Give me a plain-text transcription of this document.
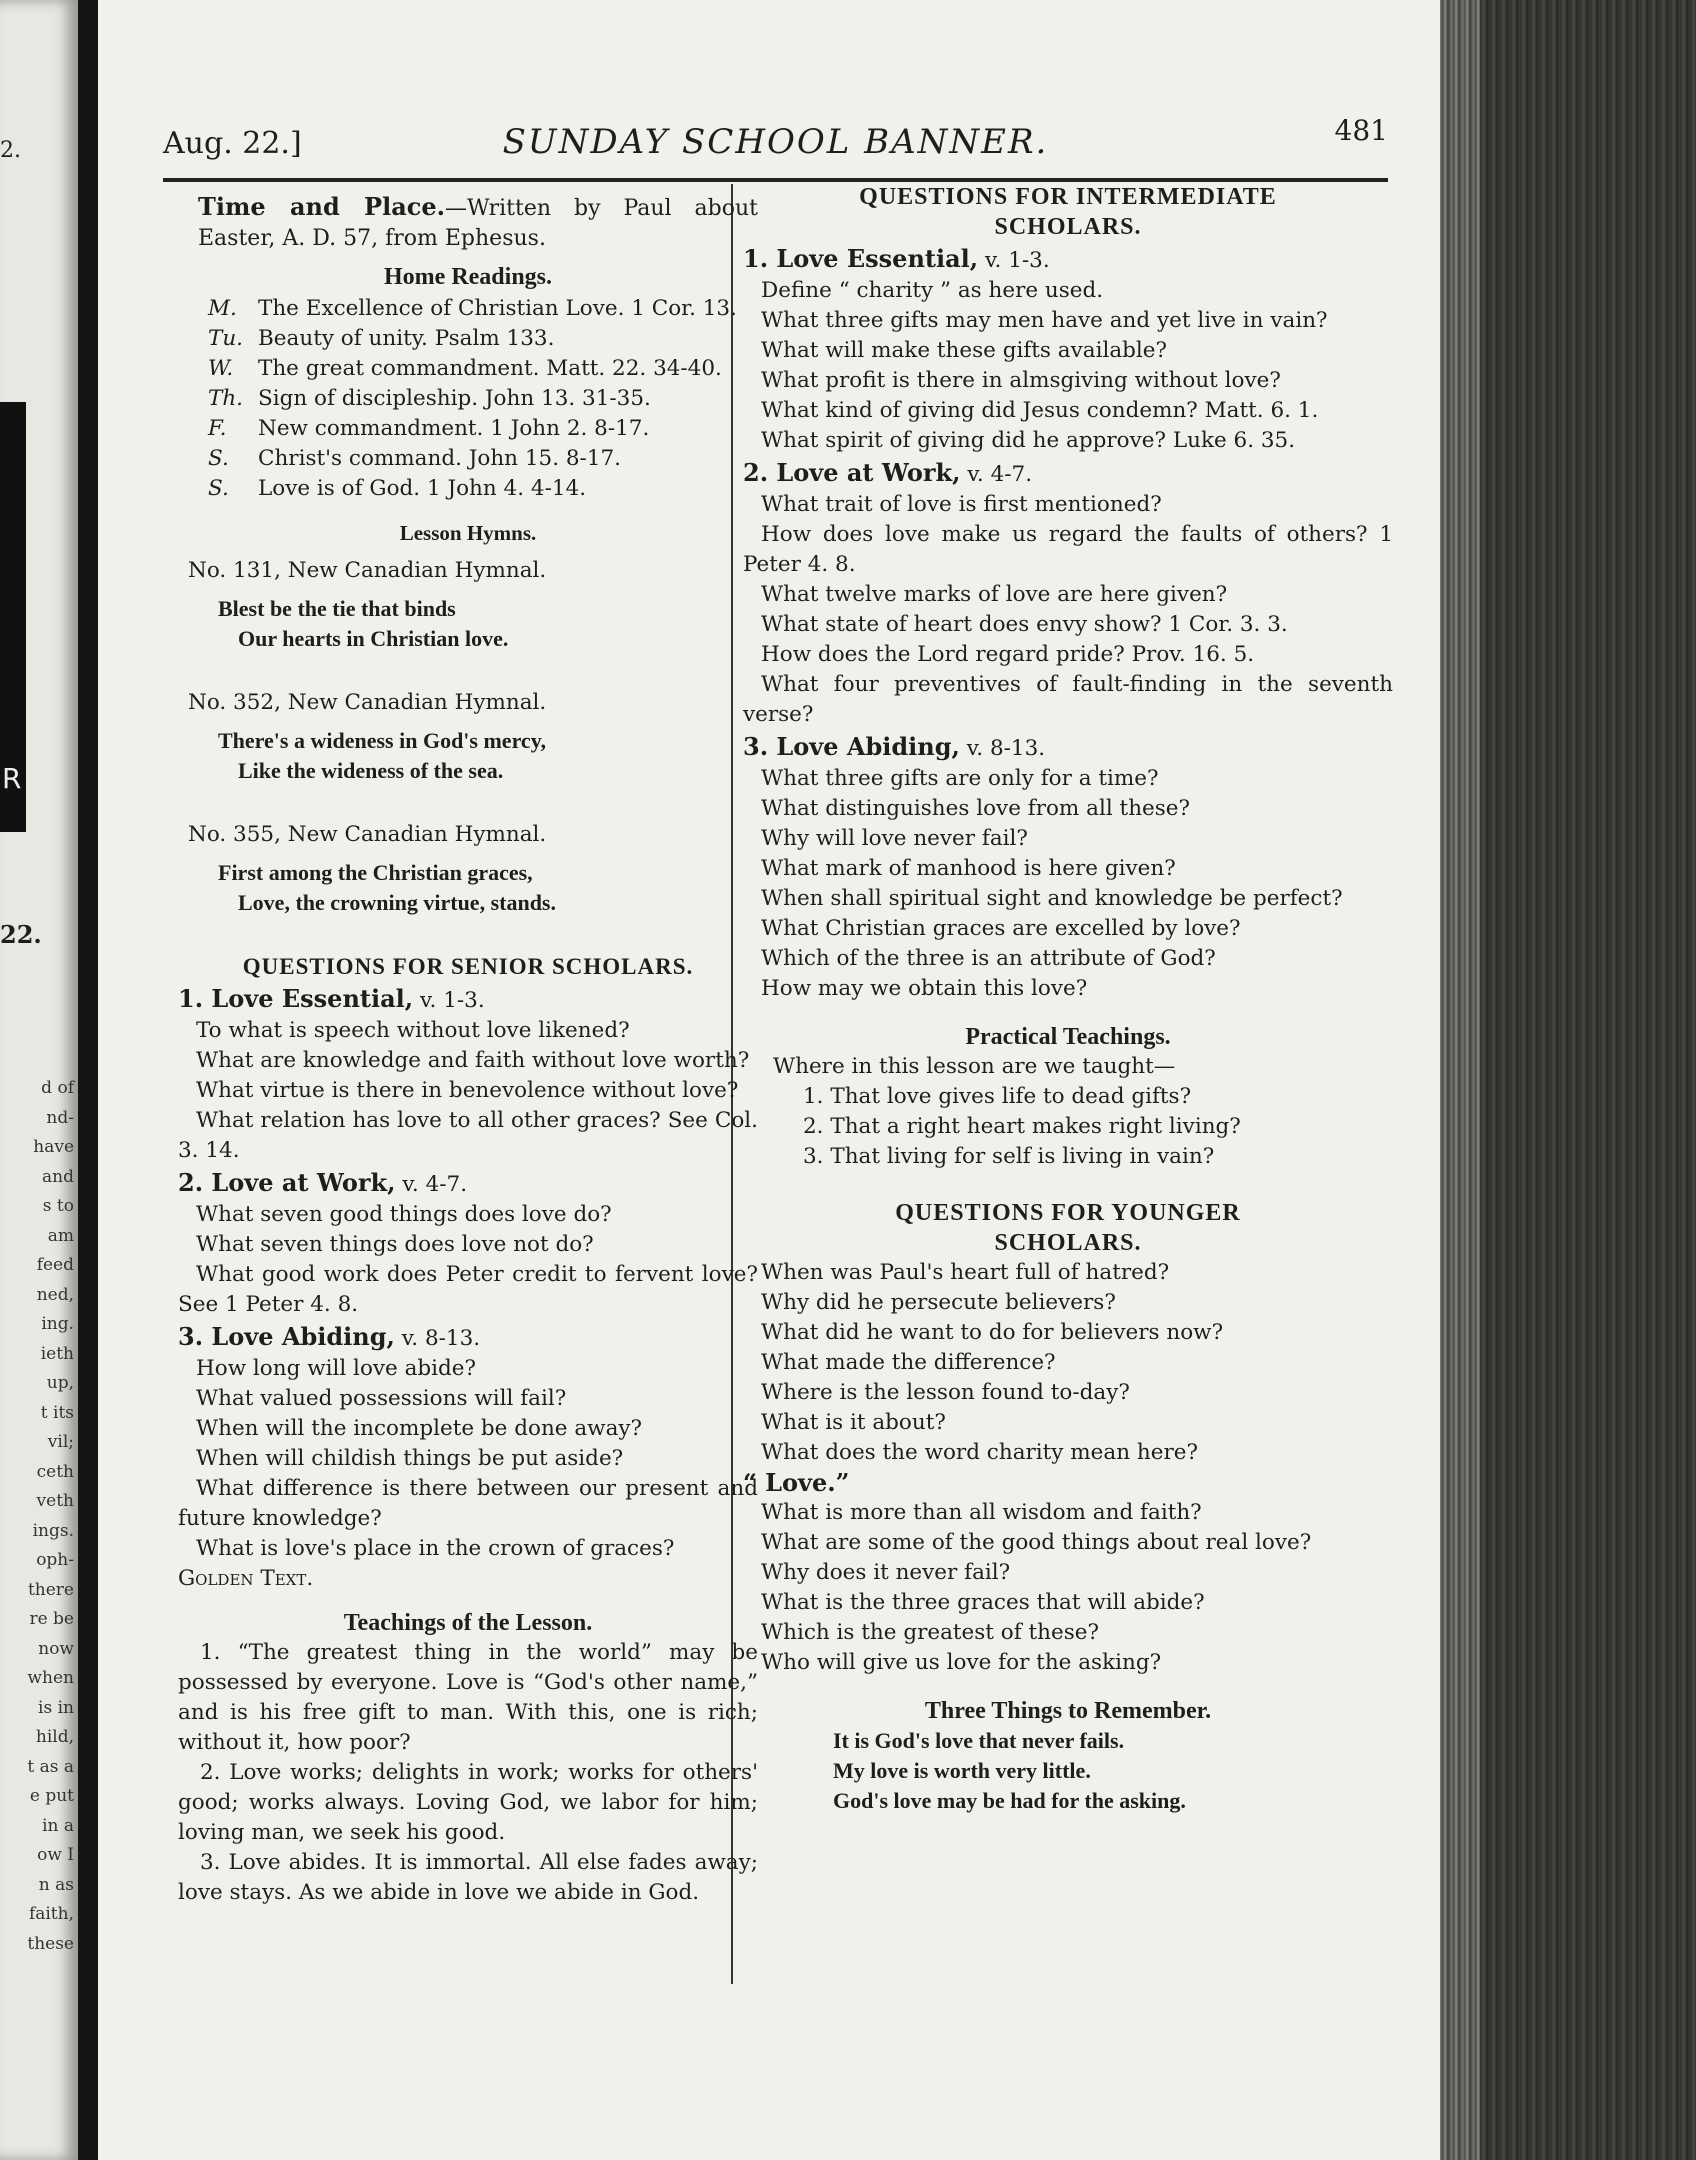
2.
R
22.
d of
nd-
have
and
s to
am
feed
ned,
ing.
ieth
up,
t its
vil;
ceth
veth
ings.
oph-
there
re be
now
when
is in
hild,
t as a
e put
in a
ow I
n as
faith,
these
Aug. 22.]	SUNDAY SCHOOL BANNER.	481

Time and Place.—Written by Paul about Easter, A. D. 57, from Ephesus.

Home Readings.
M. The Excellence of Christian Love. 1 Cor. 13.
Tu. Beauty of unity. Psalm 133.
W.	The great commandment. Matt. 22. 34-40.
Th. Sign of discipleship. John 13. 31-35.
F.	New commandment. 1 John 2. 8-17.
S.	Christ's command. John 15. 8-17.
S.	Love is of God. 1 John 4. 4-14.
Lesson Hymns.
No. 131, New Canadian Hymnal.
Blest be the tie that binds
Our hearts in Christian love.
No. 352, New Canadian Hymnal.
There's a wideness in God's mercy,
Like the wideness of the sea.
No. 355, New Canadian Hymnal.
First among the Christian graces,
Love, the crowning virtue, stands.
QUESTIONS FOR SENIOR SCHOLARS.

1. Love Essential, v. 1-3.

To what is speech without love likened?

What are knowledge and faith without love worth?

What virtue is there in benevolence without love?

What relation has love to all other graces? See Col. 3. 14.

2. Love at Work, v. 4-7.

What seven good things does love do?

What seven things does love not do?

What good work does Peter credit to fervent love? See 1 Peter 4. 8.

3. Love Abiding, v. 8-13.

How long will love abide?

What valued possessions will fail?

When will the incomplete be done away?

When will childish things be put aside?

What difference is there between our present and future knowledge?

What is love's place in the crown of graces?

Golden Text.

Teachings of the Lesson.

1. “The greatest thing in the world” may be possessed by everyone. Love is “God's other name,” and is his free gift to man. With this, one is rich; without it, how poor?

2. Love works; delights in work; works for others' good; works always. Loving God, we labor for him; loving man, we seek his good.

3. Love abides. It is immortal. All else fades away; love stays. As we abide in love we abide in God.

QUESTIONS FOR INTERMEDIATE
SCHOLARS.

1. Love Essential, v. 1-3.

Define “ charity ” as here used.

What three gifts may men have and yet live in vain?

What will make these gifts available?

What profit is there in almsgiving without love?

What kind of giving did Jesus condemn? Matt. 6. 1.

What spirit of giving did he approve? Luke 6. 35.

2. Love at Work, v. 4-7.

What trait of love is first mentioned?

How does love make us regard the faults of others? 1 Peter 4. 8.

What twelve marks of love are here given?

What state of heart does envy show? 1 Cor. 3. 3.

How does the Lord regard pride? Prov. 16. 5.

What four preventives of fault-finding in the seventh verse?

3. Love Abiding, v. 8-13.

What three gifts are only for a time?

What distinguishes love from all these?

Why will love never fail?

What mark of manhood is here given?

When shall spiritual sight and knowledge be perfect?

What Christian graces are excelled by love?

Which of the three is an attribute of God?

How may we obtain this love?

Practical Teachings.

Where in this lesson are we taught—

1. That love gives life to dead gifts?

2. That a right heart makes right living?

3. That living for self is living in vain?

QUESTIONS FOR YOUNGER
SCHOLARS.

When was Paul's heart full of hatred?

Why did he persecute believers?

What did he want to do for believers now?

What made the difference?

Where is the lesson found to-day?

What is it about?

What does the word charity mean here?

“ Love.”

What is more than all wisdom and faith?

What are some of the good things about real love?

Why does it never fail?

What is the three graces that will abide?

Which is the greatest of these?

Who will give us love for the asking?

Three Things to Remember.

It is God's love that never fails.

My love is worth very little.

God's love may be had for the asking.
